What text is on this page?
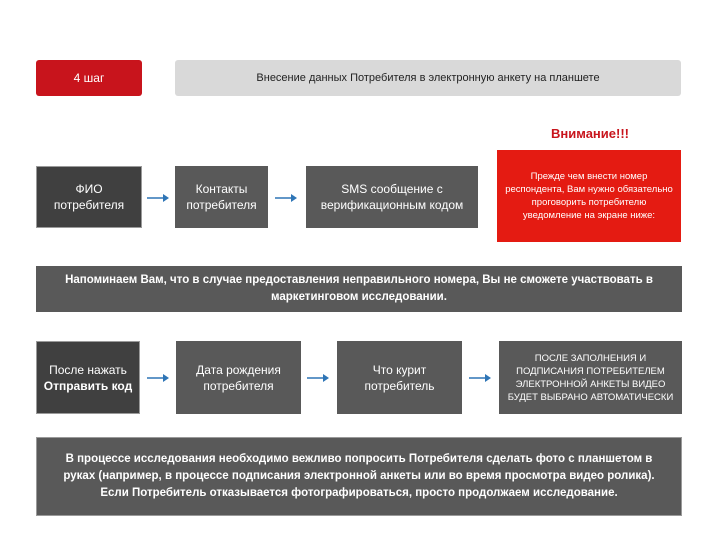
4 шаг	Внесение данных Потребителя в электронную анкету на планшете
Внимание!!!
ФИО
потребителя
Контакты
потребителя
SMS сообщение с
верификационным кодом
Прежде чем внести номер респондента, Вам нужно обязательно проговорить потребителю уведомление на экране ниже:
Напоминаем Вам, что в случае предоставления неправильного номера, Вы не сможете участвовать в
маркетинговом исследовании.
После нажать
Отправить код
Дата рождения
потребителя
Что курит
потребитель
ПОСЛЕ ЗАПОЛНЕНИЯ И
ПОДПИСАНИЯ ПОТРЕБИТЕЛЕМ
ЭЛЕКТРОННОЙ АНКЕТЫ ВИДЕО
БУДЕТ ВЫБРАНО АВТОМАТИЧЕСКИ
В процессе исследования необходимо вежливо попросить Потребителя сделать фото с планшетом в
руках (например, в процессе подписания электронной анкеты или во время просмотра видео ролика).
Если Потребитель отказывается фотографироваться, просто продолжаем исследование.
